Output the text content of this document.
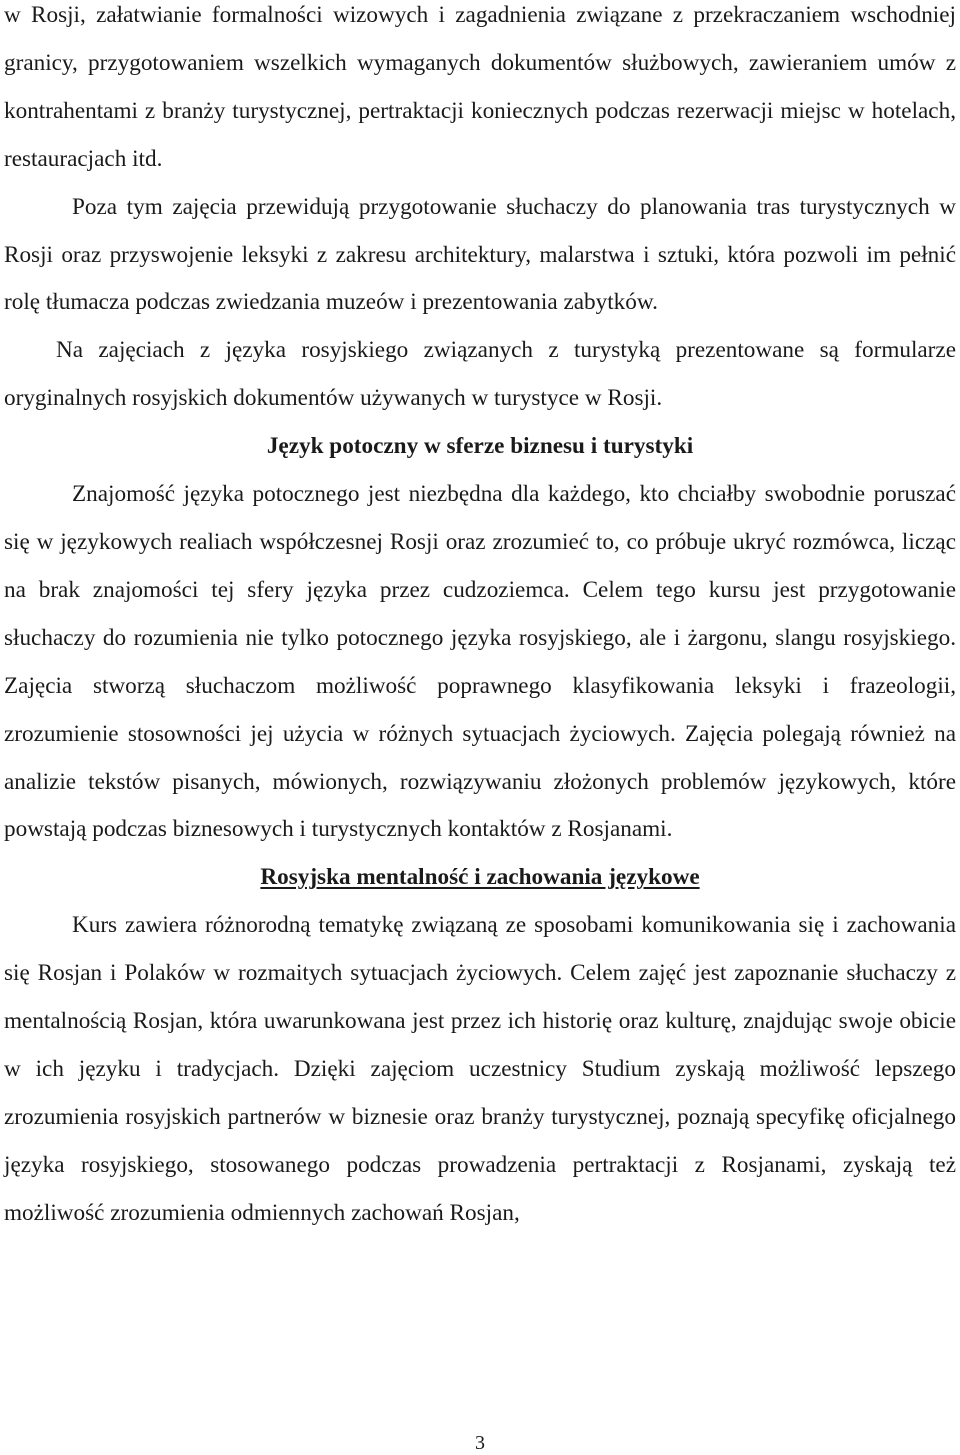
w Rosji, załatwianie formalności wizowych i zagadnienia związane z przekraczaniem wschodniej granicy, przygotowaniem wszelkich wymaganych dokumentów służbowych, zawieraniem umów z kontrahentami z branży turystycznej, pertraktacji koniecznych podczas rezerwacji miejsc w hotelach, restauracjach itd.

Poza tym zajęcia przewidują przygotowanie słuchaczy do planowania tras turystycznych w Rosji oraz przyswojenie leksyki z zakresu architektury, malarstwa i sztuki, która pozwoli im pełnić rolę tłumacza podczas zwiedzania muzeów i prezentowania zabytków.

Na zajęciach z języka rosyjskiego związanych z turystyką prezentowane są formularze oryginalnych rosyjskich dokumentów używanych w turystyce w Rosji.

Język potoczny w sferze biznesu i turystyki

Znajomość języka potocznego jest niezbędna dla każdego, kto chciałby swobodnie poruszać się w językowych realiach współczesnej Rosji oraz zrozumieć to, co próbuje ukryć rozmówca, licząc na brak znajomości tej sfery języka przez cudzoziemca. Celem tego kursu jest przygotowanie słuchaczy do rozumienia nie tylko potocznego języka rosyjskiego, ale i żargonu, slangu rosyjskiego. Zajęcia stworzą słuchaczom możliwość poprawnego klasyfikowania leksyki i frazeologii, zrozumienie stosowności jej użycia w różnych sytuacjach życiowych. Zajęcia polegają również na analizie tekstów pisanych, mówionych, rozwiązywaniu złożonych problemów językowych, które powstają podczas biznesowych i turystycznych kontaktów z Rosjanami.

Rosyjska mentalność i zachowania językowe

Kurs zawiera różnorodną tematykę związaną ze sposobami komunikowania się i zachowania się Rosjan i Polaków w rozmaitych sytuacjach życiowych. Celem zajęć jest zapoznanie słuchaczy z mentalnością Rosjan, która uwarunkowana jest przez ich historię oraz kulturę, znajdując swoje obicie w ich języku i tradycjach. Dzięki zajęciom uczestnicy Studium zyskają możliwość lepszego zrozumienia rosyjskich partnerów w biznesie oraz branży turystycznej, poznają specyfikę oficjalnego języka rosyjskiego, stosowanego podczas prowadzenia pertraktacji z Rosjanami, zyskają też możliwość zrozumienia odmiennych zachowań Rosjan,

3
